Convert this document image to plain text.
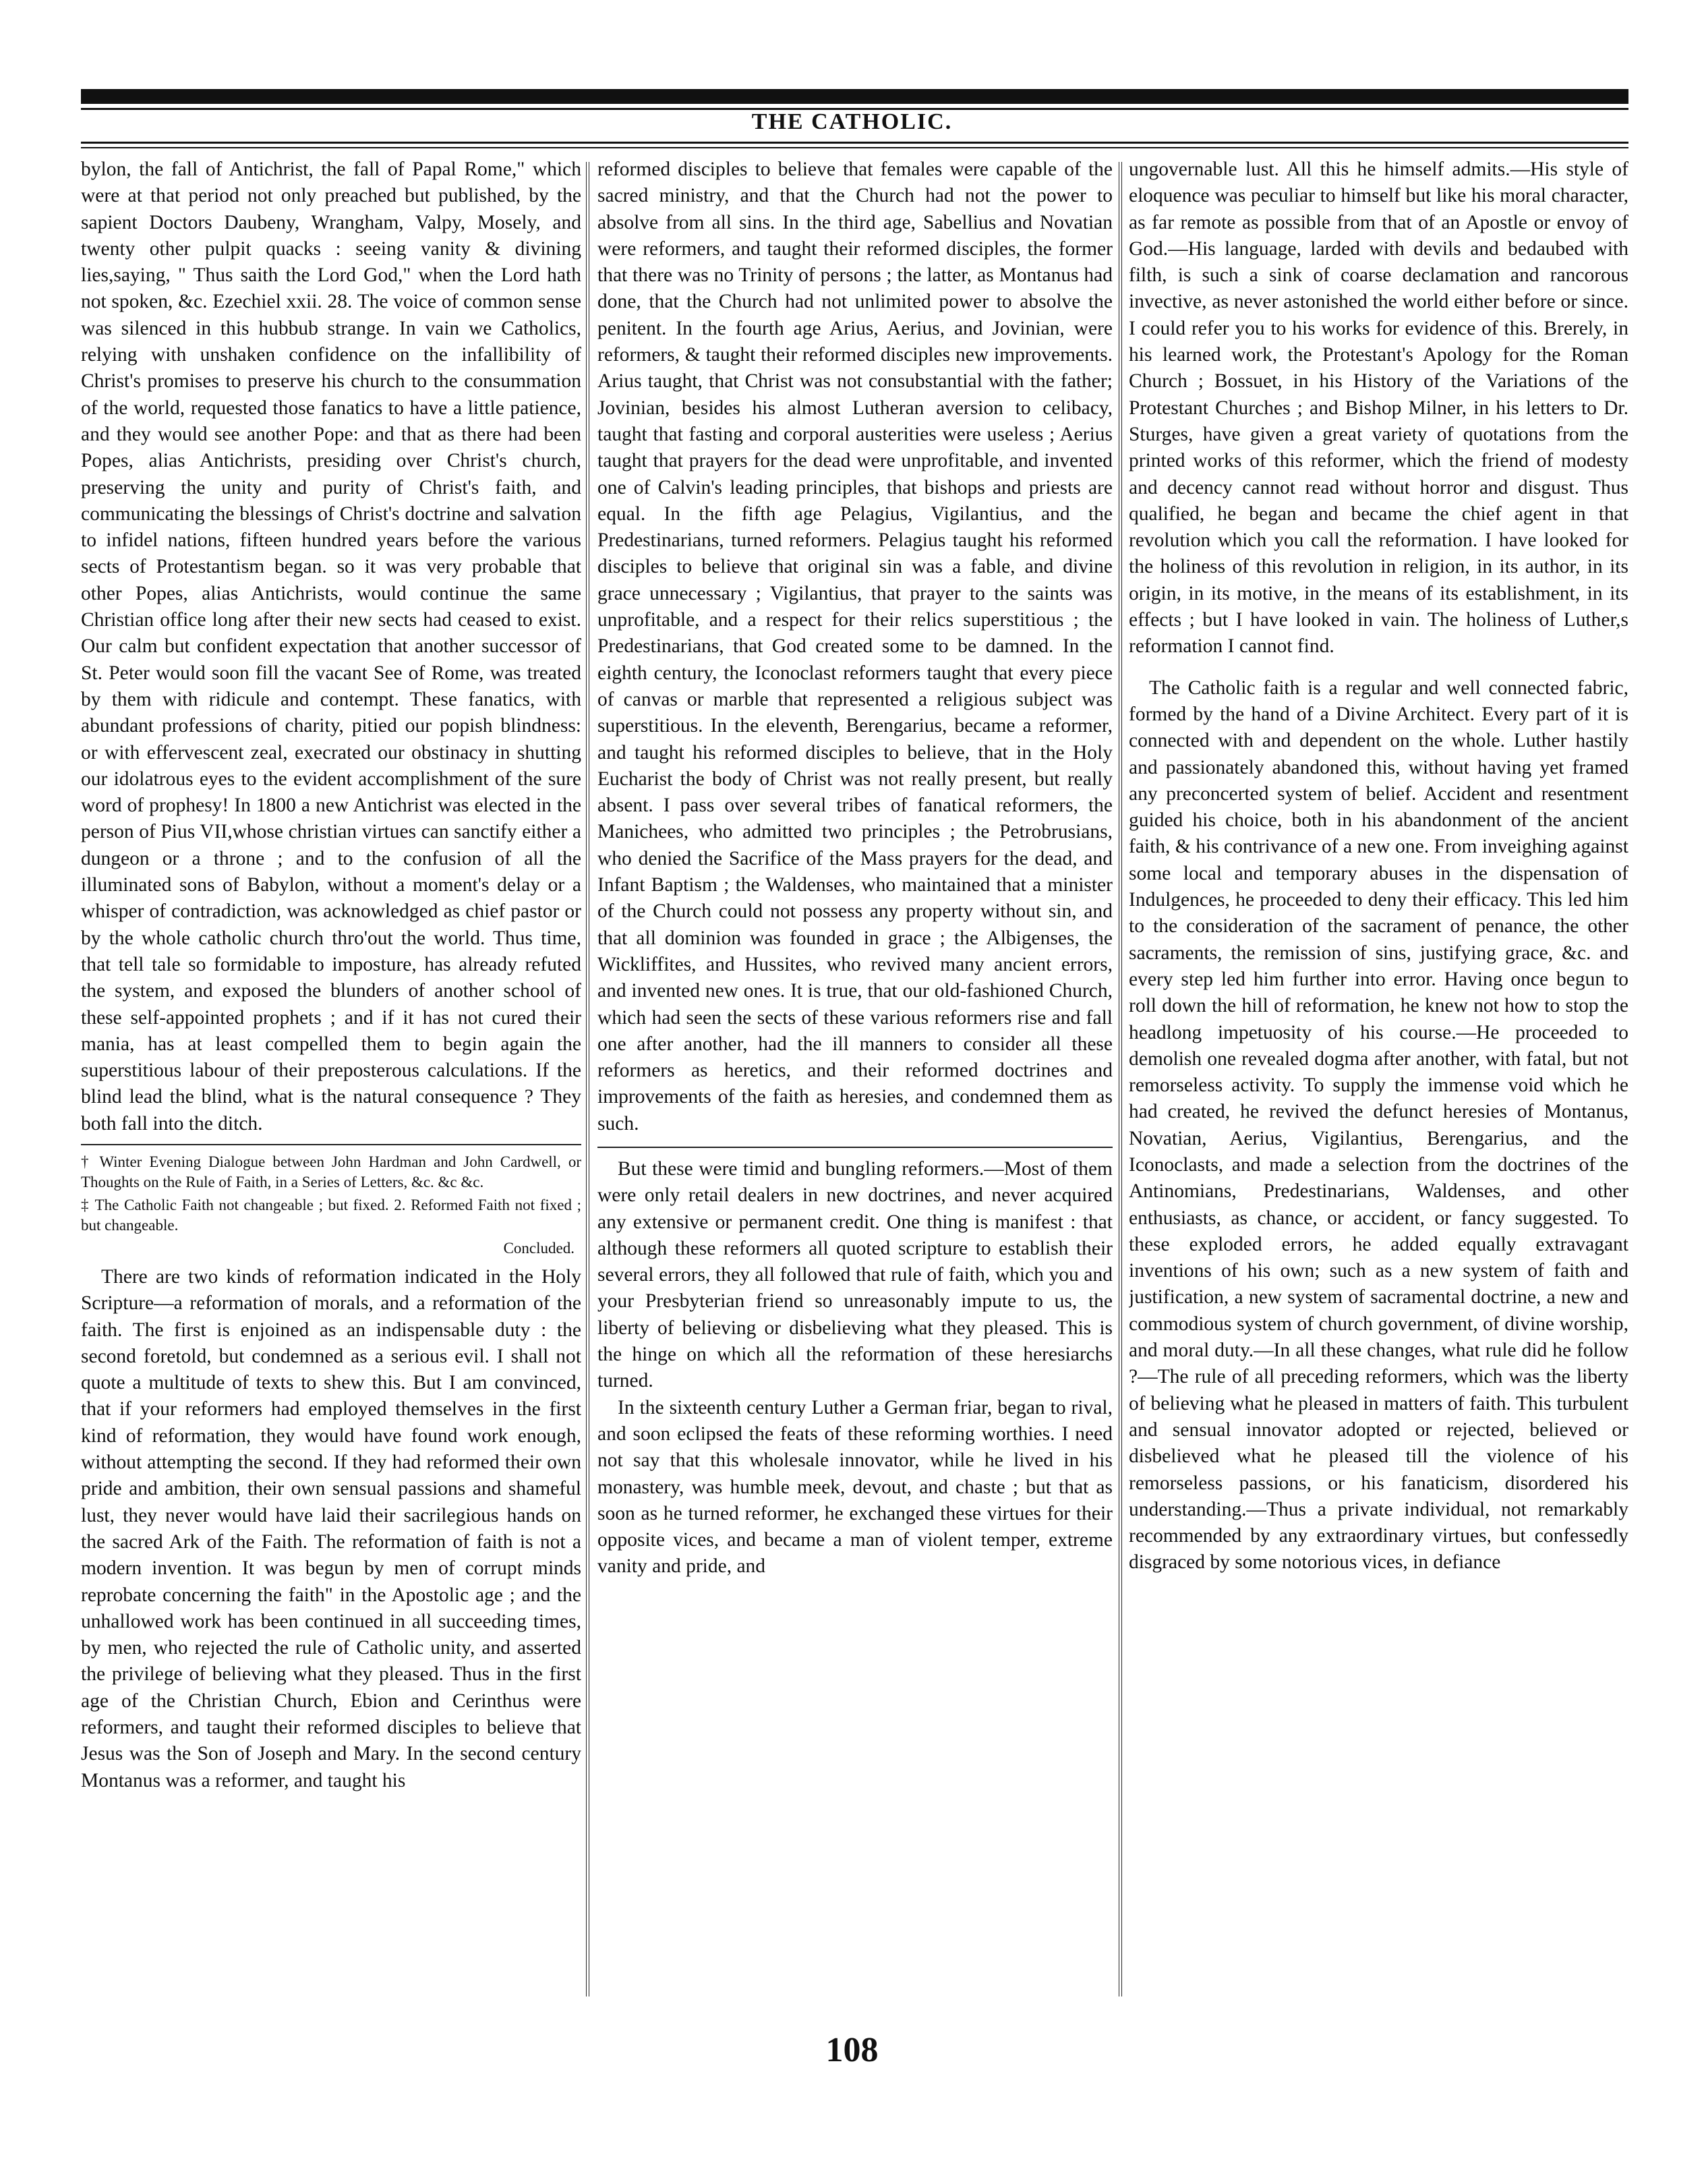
THE CATHOLIC.

bylon, the fall of Antichrist, the fall of Papal Rome," which were at that period not only preached but published, by the sapient Doctors Daubeny, Wrangham, Valpy, Mosely, and twenty other pulpit quacks : seeing vanity & divining lies,saying, " Thus saith the Lord God," when the Lord hath not spoken, &c. Ezechiel xxii. 28. The voice of common sense was silenced in this hubbub strange. In vain we Catholics, relying with unshaken confidence on the infallibility of Christ's promises to preserve his church to the consummation of the world, requested those fanatics to have a little patience, and they would see another Pope: and that as there had been Popes, alias Antichrists, presiding over Christ's church, preserving the unity and purity of Christ's faith, and communicating the blessings of Christ's doctrine and salvation to infidel nations, fifteen hundred years before the various sects of Protestantism began. so it was very probable that other Popes, alias Antichrists, would continue the same Christian office long after their new sects had ceased to exist. Our calm but confident expectation that another successor of St. Peter would soon fill the vacant See of Rome, was treated by them with ridicule and contempt. These fanatics, with abundant professions of charity, pitied our popish blindness: or with effervescent zeal, execrated our obstinacy in shutting our idolatrous eyes to the evident accomplishment of the sure word of prophesy! In 1800 a new Antichrist was elected in the person of Pius VII,whose christian virtues can sanctify either a dungeon or a throne ; and to the confusion of all the illuminated sons of Babylon, without a moment's delay or a whisper of contradiction, was acknowledged as chief pastor or by the whole catholic church thro'out the world. Thus time, that tell tale so formidable to imposture, has already refuted the system, and exposed the blunders of another school of these self-appointed prophets ; and if it has not cured their mania, has at least compelled them to begin again the superstitious labour of their preposterous calculations. If the blind lead the blind, what is the natural consequence ? They both fall into the ditch.

† Winter Evening Dialogue between John Hardman and John Cardwell, or Thoughts on the Rule of Faith, in a Series of Letters, &c. &c &c.

‡ The Catholic Faith not changeable ; but fixed. 2. Reformed Faith not fixed ; but changeable.

Concluded.

There are two kinds of reformation indicated in the Holy Scripture—a reformation of morals, and a reformation of the faith. The first is enjoined as an indispensable duty : the second foretold, but condemned as a serious evil. I shall not quote a multitude of texts to shew this. But I am convinced, that if your reformers had employed themselves in the first kind of reformation, they would have found work enough, without attempting the second. If they had reformed their own pride and ambition, their own sensual passions and shameful lust, they never would have laid their sacrilegious hands on the sacred Ark of the Faith. The reformation of faith is not a modern invention. It was begun by men of corrupt minds reprobate concerning the faith" in the Apostolic age ; and the unhallowed work has been continued in all succeeding times, by men, who rejected the rule of Catholic unity, and asserted the privilege of believing what they pleased. Thus in the first age of the Christian Church, Ebion and Cerinthus were reformers, and taught their reformed disciples to believe that Jesus was the Son of Joseph and Mary. In the second century Montanus was a reformer, and taught his

reformed disciples to believe that females were capable of the sacred ministry, and that the Church had not the power to absolve from all sins. In the third age, Sabellius and Novatian were reformers, and taught their reformed disciples, the former that there was no Trinity of persons ; the latter, as Montanus had done, that the Church had not unlimited power to absolve the penitent. In the fourth age Arius, Aerius, and Jovinian, were reformers, & taught their reformed disciples new improvements. Arius taught, that Christ was not consubstantial with the father; Jovinian, besides his almost Lutheran aversion to celibacy, taught that fasting and corporal austerities were useless ; Aerius taught that prayers for the dead were unprofitable, and invented one of Calvin's leading principles, that bishops and priests are equal. In the fifth age Pelagius, Vigilantius, and the Predestinarians, turned reformers. Pelagius taught his reformed disciples to believe that original sin was a fable, and divine grace unnecessary ; Vigilantius, that prayer to the saints was unprofitable, and a respect for their relics superstitious ; the Predestinarians, that God created some to be damned. In the eighth century, the Iconoclast reformers taught that every piece of canvas or marble that represented a religious subject was superstitious. In the eleventh, Berengarius, became a reformer, and taught his reformed disciples to believe, that in the Holy Eucharist the body of Christ was not really present, but really absent. I pass over several tribes of fanatical reformers, the Manichees, who admitted two principles ; the Petrobrusians, who denied the Sacrifice of the Mass prayers for the dead, and Infant Baptism ; the Waldenses, who maintained that a minister of the Church could not possess any property without sin, and that all dominion was founded in grace ; the Albigenses, the Wickliffites, and Hussites, who revived many ancient errors, and invented new ones. It is true, that our old-fashioned Church, which had seen the sects of these various reformers rise and fall one after another, had the ill manners to consider all these reformers as heretics, and their reformed doctrines and improvements of the faith as heresies, and condemned them as such.

But these were timid and bungling reformers.—Most of them were only retail dealers in new doctrines, and never acquired any extensive or permanent credit. One thing is manifest : that although these reformers all quoted scripture to establish their several errors, they all followed that rule of faith, which you and your Presbyterian friend so unreasonably impute to us, the liberty of believing or disbelieving what they pleased. This is the hinge on which all the reformation of these heresiarchs turned.

In the sixteenth century Luther a German friar, began to rival, and soon eclipsed the feats of these reforming worthies. I need not say that this wholesale innovator, while he lived in his monastery, was humble meek, devout, and chaste ; but that as soon as he turned reformer, he exchanged these virtues for their opposite vices, and became a man of violent temper, extreme vanity and pride, and

ungovernable lust. All this he himself admits.—His style of eloquence was peculiar to himself but like his moral character, as far remote as possible from that of an Apostle or envoy of God.—His language, larded with devils and bedaubed with filth, is such a sink of coarse declamation and rancorous invective, as never astonished the world either before or since. I could refer you to his works for evidence of this. Brerely, in his learned work, the Protestant's Apology for the Roman Church ; Bossuet, in his History of the Variations of the Protestant Churches ; and Bishop Milner, in his letters to Dr. Sturges, have given a great variety of quotations from the printed works of this reformer, which the friend of modesty and decency cannot read without horror and disgust. Thus qualified, he began and became the chief agent in that revolution which you call the reformation. I have looked for the holiness of this revolution in religion, in its author, in its origin, in its motive, in the means of its establishment, in its effects ; but I have looked in vain. The holiness of Luther,s reformation I cannot find.

The Catholic faith is a regular and well connected fabric, formed by the hand of a Divine Architect. Every part of it is connected with and dependent on the whole. Luther hastily and passionately abandoned this, without having yet framed any preconcerted system of belief. Accident and resentment guided his choice, both in his abandonment of the ancient faith, & his contrivance of a new one. From inveighing against some local and temporary abuses in the dispensation of Indulgences, he proceeded to deny their efficacy. This led him to the consideration of the sacrament of penance, the other sacraments, the remission of sins, justifying grace, &c. and every step led him further into error. Having once begun to roll down the hill of reformation, he knew not how to stop the headlong impetuosity of his course.—He proceeded to demolish one revealed dogma after another, with fatal, but not remorseless activity. To supply the immense void which he had created, he revived the defunct heresies of Montanus, Novatian, Aerius, Vigilantius, Berengarius, and the Iconoclasts, and made a selection from the doctrines of the Antinomians, Predestinarians, Waldenses, and other enthusiasts, as chance, or accident, or fancy suggested. To these exploded errors, he added equally extravagant inventions of his own; such as a new system of faith and justification, a new system of sacramental doctrine, a new and commodious system of church government, of divine worship, and moral duty.—In all these changes, what rule did he follow ?—The rule of all preceding reformers, which was the liberty of believing what he pleased in matters of faith. This turbulent and sensual innovator adopted or rejected, believed or disbelieved what he pleased till the violence of his remorseless passions, or his fanaticism, disordered his understanding.—Thus a private individual, not remarkably recommended by any extraordinary virtues, but confessedly disgraced by some notorious vices, in defiance

108
